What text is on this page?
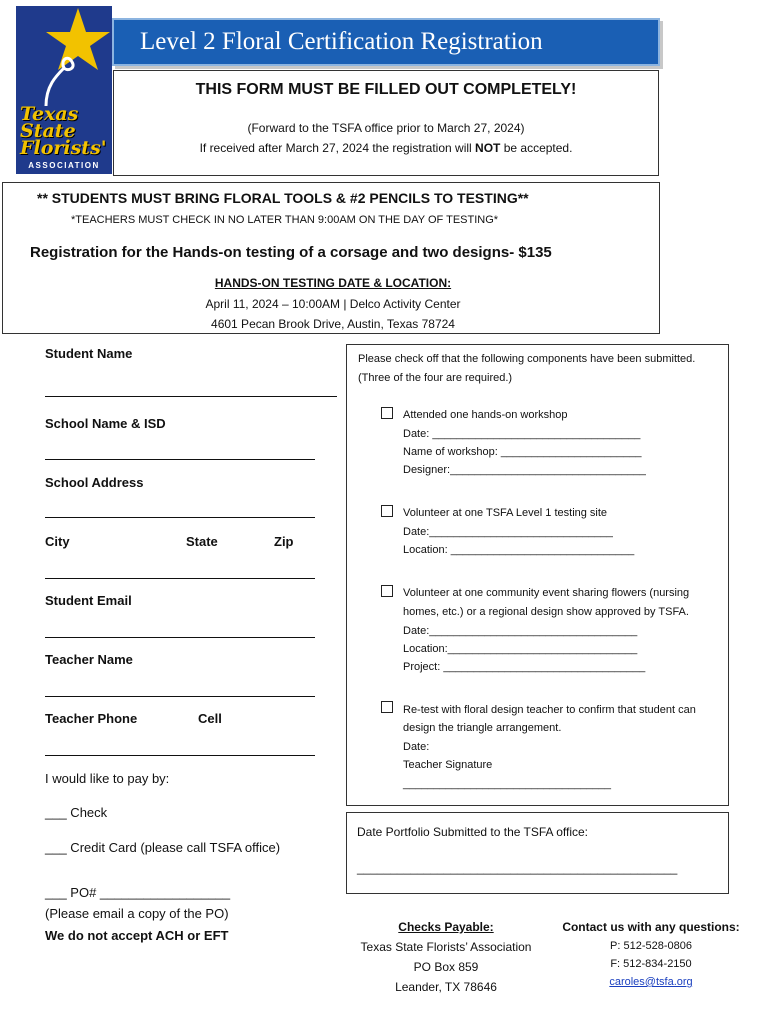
Texas
State
Florists'
ASSOCIATION
Level 2 Floral Certification Registration
THIS FORM MUST BE FILLED OUT COMPLETELY!
(Forward to the TSFA office prior to March 27, 2024)
If received after March 27, 2024 the registration will NOT be accepted.
** STUDENTS MUST BRING FLORAL TOOLS & #2 PENCILS TO TESTING**
*TEACHERS MUST CHECK IN NO LATER THAN 9:00AM ON THE DAY OF TESTING*
Registration for the Hands-on testing of a corsage and two designs- $135
HANDS-ON TESTING DATE & LOCATION:
April 11, 2024 – 10:00AM | Delco Activity Center
4601 Pecan Brook Drive, Austin, Texas 78724
Student Name
School Name & ISD
School Address
City	State	Zip
Student Email
Teacher Name
Teacher Phone	Cell
I would like to pay by:
___ Check
___ Credit Card (please call TSFA office)
___ PO# __________________
(Please email a copy of the PO)
We do not accept ACH or EFT
Please check off that the following components have been submitted.
(Three of the four are required.)
Attended one hands-on workshop
Date: __________________________________
Name of workshop: _______________________
Designer:________________________________
Volunteer at one TSFA Level 1 testing site
Date:______________________________
Location: ______________________________
Volunteer at one community event sharing flowers (nursing
homes, etc.) or a regional design show approved by TSFA.
Date:__________________________________
Location:_______________________________
Project: _________________________________
Re-test with floral design teacher to confirm that student can
design the triangle arrangement.
Date:
Teacher Signature
__________________________________
Date Portfolio Submitted to the TSFA office:
________________________________________________
Checks Payable:
Texas State Florists’ Association
PO Box 859
Leander, TX 78646
Contact us with any questions:
P: 512-528-0806
F: 512-834-2150
caroles@tsfa.org
